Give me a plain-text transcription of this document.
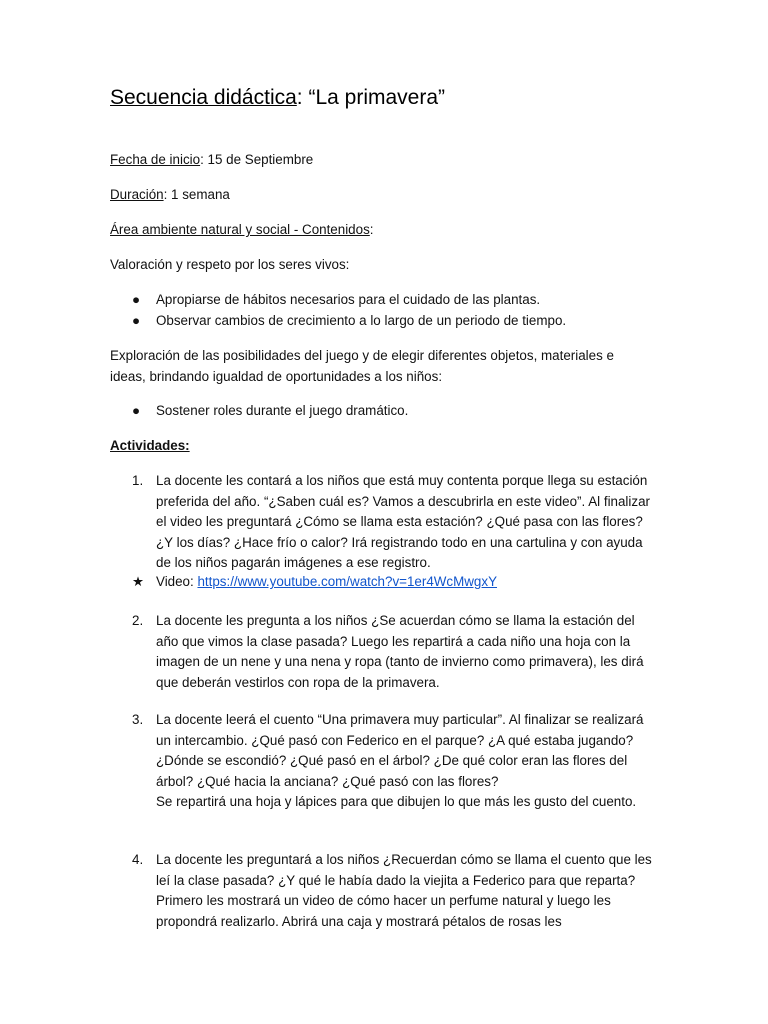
Secuencia didáctica: “La primavera”

Fecha de inicio: 15 de Septiembre

Duración: 1 semana

Área ambiente natural y social - Contenidos:

Valoración y respeto por los seres vivos:

● Apropiarse de hábitos necesarios para el cuidado de las plantas.

● Observar cambios de crecimiento a lo largo de un periodo de tiempo.

Exploración de las posibilidades del juego y de elegir diferentes objetos, materiales e ideas, brindando igualdad de oportunidades a los niños:

● Sostener roles durante el juego dramático.

Actividades:

1. La docente les contará a los niños que está muy contenta porque llega su estación preferida del año. “¿Saben cuál es? Vamos a descubrirla en este video”. Al finalizar el video les preguntará ¿Cómo se llama esta estación? ¿Qué pasa con las flores? ¿Y los días? ¿Hace frío o calor? Irá registrando todo en una cartulina y con ayuda de los niños pagarán imágenes a ese registro.

★ Video: https://www.youtube.com/watch?v=1er4WcMwgxY

2. La docente les pregunta a los niños ¿Se acuerdan cómo se llama la estación del año que vimos la clase pasada? Luego les repartirá a cada niño una hoja con la imagen de un nene y una nena y ropa (tanto de invierno como primavera), les dirá que deberán vestirlos con ropa de la primavera.
3. La docente leerá el cuento “Una primavera muy particular”. Al finalizar se realizará un intercambio. ¿Qué pasó con Federico en el parque? ¿A qué estaba jugando? ¿Dónde se escondió? ¿Qué pasó en el árbol? ¿De qué color eran las flores del árbol? ¿Qué hacia la anciana? ¿Qué pasó con las flores?
Se repartirá una hoja y lápices para que dibujen lo que más les gusto del cuento.
4. La docente les preguntará a los niños ¿Recuerdan cómo se llama el cuento que les leí la clase pasada? ¿Y qué le había dado la viejita a Federico para que reparta? Primero les mostrará un video de cómo hacer un perfume natural y luego les propondrá realizarlo. Abrirá una caja y mostrará pétalos de rosas les
